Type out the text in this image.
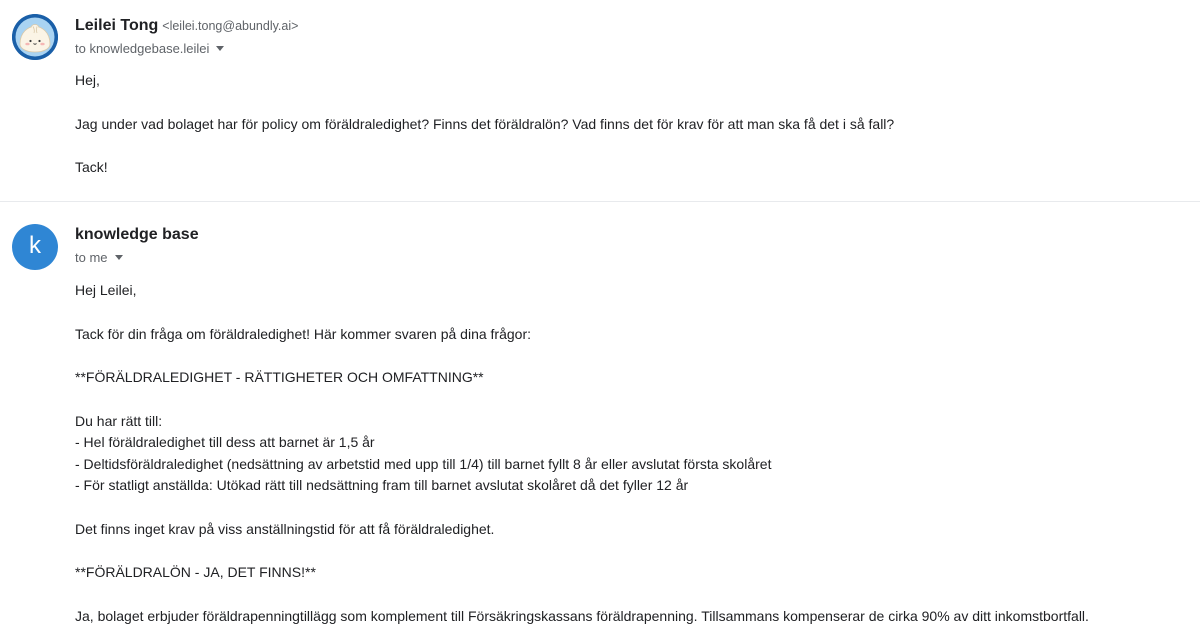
Leilei Tong <leilei.tong@abundly.ai>
to knowledgebase.leilei

Hej,

Jag under vad bolaget har för policy om föräldraledighet? Finns det föräldralön? Vad finns det för krav för att man ska få det i så fall?

Tack!

k knowledge base
to me

Hej Leilei,

Tack för din fråga om föräldraledighet! Här kommer svaren på dina frågor:

**FÖRÄLDRALEDIGHET - RÄTTIGHETER OCH OMFATTNING**

Du har rätt till:

- Hel föräldraledighet till dess att barnet är 1,5 år

- Deltidsföräldraledighet (nedsättning av arbetstid med upp till 1/4) till barnet fyllt 8 år eller avslutat första skolåret

- För statligt anställda: Utökad rätt till nedsättning fram till barnet avslutat skolåret då det fyller 12 år

Det finns inget krav på viss anställningstid för att få föräldraledighet.

**FÖRÄLDRALÖN - JA, DET FINNS!**

Ja, bolaget erbjuder föräldrapenningtillägg som komplement till Försäkringskassans föräldrapenning. Tillsammans kompenserar de cirka 90% av ditt inkomstbortfall.
